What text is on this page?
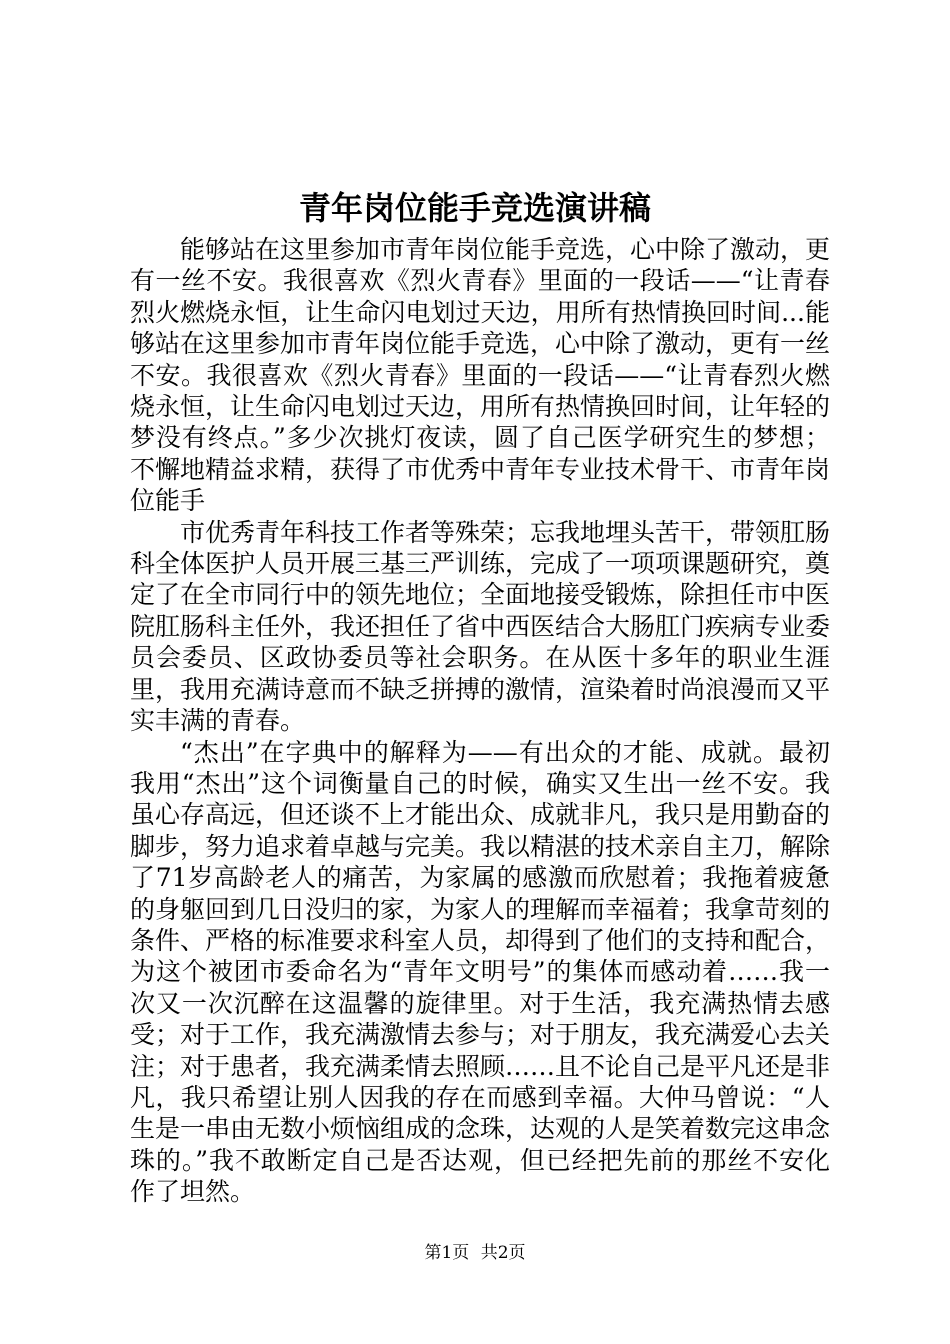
青年岗位能手竞选演讲稿

能够站在这里参加市青年岗位能手竞选，心中除了激动，更有一丝不安。我很喜欢《烈火青春》里面的一段话——“让青春烈火燃烧永恒，让生命闪电划过天边，用所有热情换回时间...能够站在这里参加市青年岗位能手竞选，心中除了激动，更有一丝不安。我很喜欢《烈火青春》里面的一段话——“让青春烈火燃烧永恒，让生命闪电划过天边，用所有热情换回时间，让年轻的梦没有终点。”多少次挑灯夜读，圆了自己医学研究生的梦想；不懈地精益求精，获得了市优秀中青年专业技术骨干、市青年岗位能手

市优秀青年科技工作者等殊荣；忘我地埋头苦干，带领肛肠科全体医护人员开展三基三严训练，完成了一项项课题研究，奠定了在全市同行中的领先地位；全面地接受锻炼，除担任市中医院肛肠科主任外，我还担任了省中西医结合大肠肛门疾病专业委员会委员、区政协委员等社会职务。在从医十多年的职业生涯里，我用充满诗意而不缺乏拼搏的激情，渲染着时尚浪漫而又平实丰满的青春。

“杰出”在字典中的解释为——有出众的才能、成就。最初我用“杰出”这个词衡量自己的时候，确实又生出一丝不安。我虽心存高远，但还谈不上才能出众、成就非凡，我只是用勤奋的脚步，努力追求着卓越与完美。我以精湛的技术亲自主刀，解除了71岁高龄老人的痛苦，为家属的感激而欣慰着；我拖着疲惫的身躯回到几日没归的家，为家人的理解而幸福着；我拿苛刻的条件、严格的标准要求科室人员，却得到了他们的支持和配合，为这个被团市委命名为“青年文明号”的集体而感动着……我一次又一次沉醉在这温馨的旋律里。对于生活，我充满热情去感受；对于工作，我充满激情去参与；对于朋友，我充满爱心去关注；对于患者，我充满柔情去照顾……且不论自己是平凡还是非凡，我只希望让别人因我的存在而感到幸福。大仲马曾说：“人生是一串由无数小烦恼组成的念珠，达观的人是笑着数完这串念珠的。”我不敢断定自己是否达观，但已经把先前的那丝不安化作了坦然。

第1页 共2页
